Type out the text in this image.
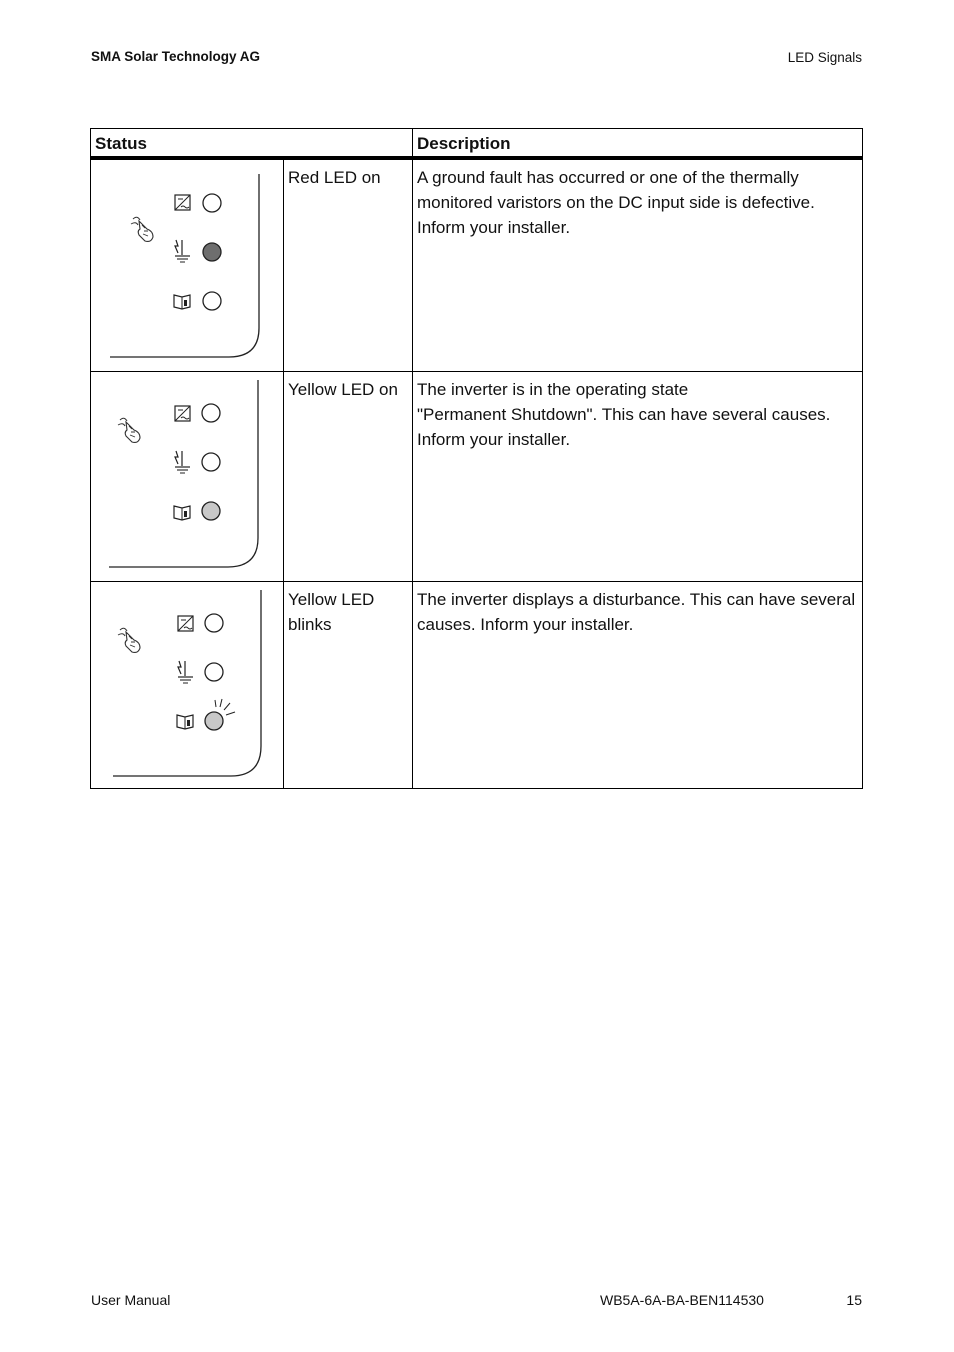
SMA Solar Technology AG	LED Signals
Status		Description

	Red LED on	A ground fault has occurred or one of the thermally monitored varistors on the DC input side is defective. Inform your installer.

	Yellow LED on	The inverter is in the operating state
"Permanent Shutdown". This can have several causes. Inform your installer.

	Yellow LED blinks	The inverter displays a disturbance. This can have several causes. Inform your installer.
User Manual	WB5A-6A-BA-BEN114530	15
